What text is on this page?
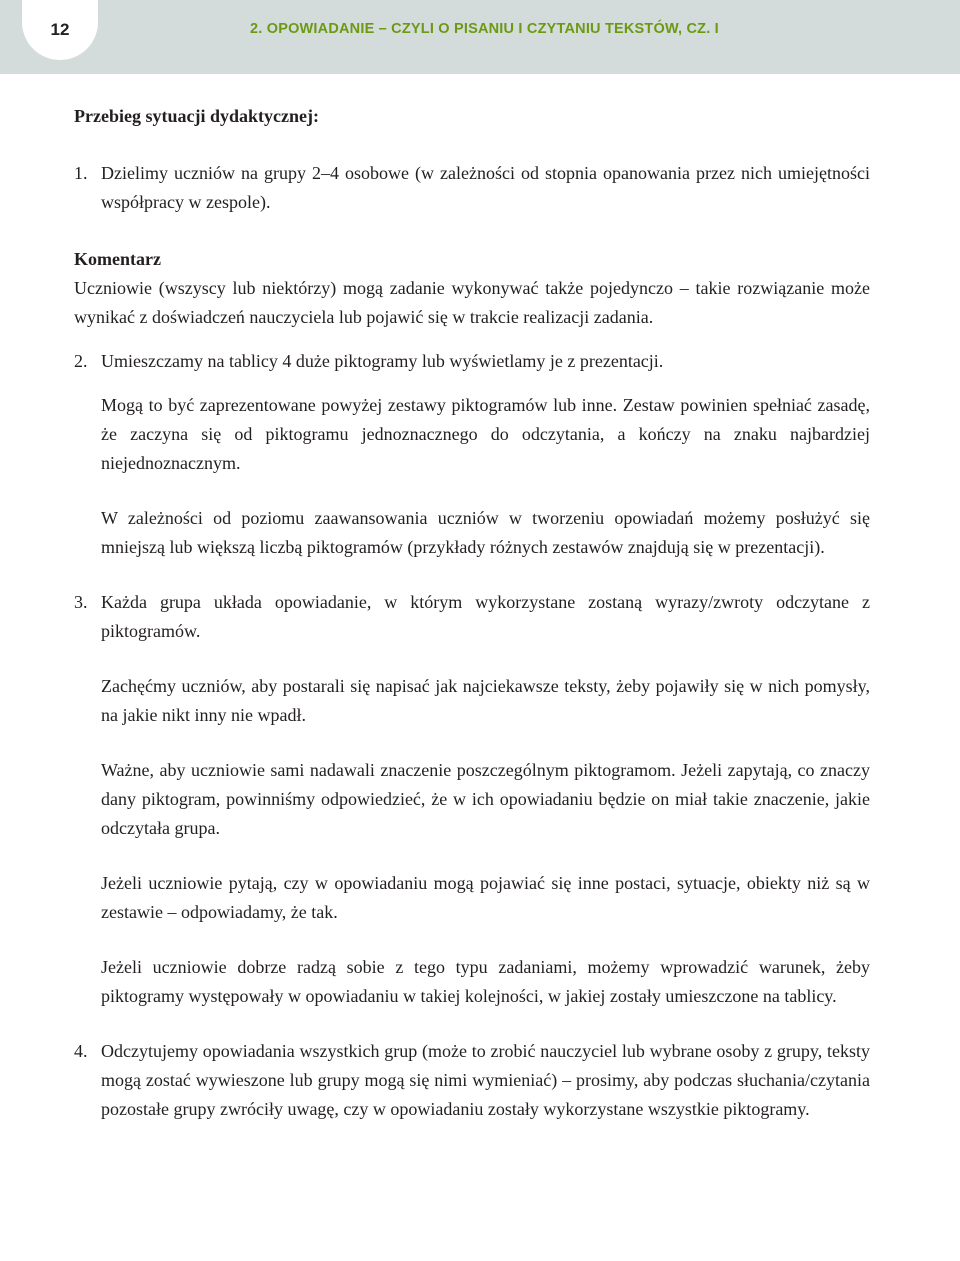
12	2. OPOWIADANIE – CZYLI O PISANIU I CZYTANIU TEKSTÓW, CZ. I

Przebieg sytuacji dydaktycznej:

1. Dzielimy uczniów na grupy 2–4 osobowe (w zależności od stopnia opanowania przez nich umiejętności współpracy w zespole).

Komentarz

Uczniowie (wszyscy lub niektórzy) mogą zadanie wykonywać także pojedynczo – takie rozwiązanie może wynikać z doświadczeń nauczyciela lub pojawić się w trakcie realizacji zadania.

2. Umieszczamy na tablicy 4 duże piktogramy lub wyświetlamy je z prezentacji.

Mogą to być zaprezentowane powyżej zestawy piktogramów lub inne. Zestaw powinien spełniać zasadę, że zaczyna się od piktogramu jednoznacznego do odczytania, a kończy na znaku najbardziej niejednoznacznym.

W zależności od poziomu zaawansowania uczniów w tworzeniu opowiadań możemy posłużyć się mniejszą lub większą liczbą piktogramów (przykłady różnych zestawów znajdują się w prezentacji).

3. Każda grupa układa opowiadanie, w którym wykorzystane zostaną wyrazy/zwroty odczytane z piktogramów.

Zachęćmy uczniów, aby postarali się napisać jak najciekawsze teksty, żeby pojawiły się w nich pomysły, na jakie nikt inny nie wpadł.

Ważne, aby uczniowie sami nadawali znaczenie poszczególnym piktogramom. Jeżeli zapytają, co znaczy dany piktogram, powinniśmy odpowiedzieć, że w ich opowiadaniu będzie on miał takie znaczenie, jakie odczytała grupa.

Jeżeli uczniowie pytają, czy w opowiadaniu mogą pojawiać się inne postaci, sytuacje, obiekty niż są w zestawie – odpowiadamy, że tak.

Jeżeli uczniowie dobrze radzą sobie z tego typu zadaniami, możemy wprowadzić warunek, żeby piktogramy występowały w opowiadaniu w takiej kolejności, w jakiej zostały umieszczone na tablicy.

4. Odczytujemy opowiadania wszystkich grup (może to zrobić nauczyciel lub wybrane osoby z grupy, teksty mogą zostać wywieszone lub grupy mogą się nimi wymieniać) – prosimy, aby podczas słuchania/czytania pozostałe grupy zwróciły uwagę, czy w opowiadaniu zostały wykorzystane wszystkie piktogramy.
